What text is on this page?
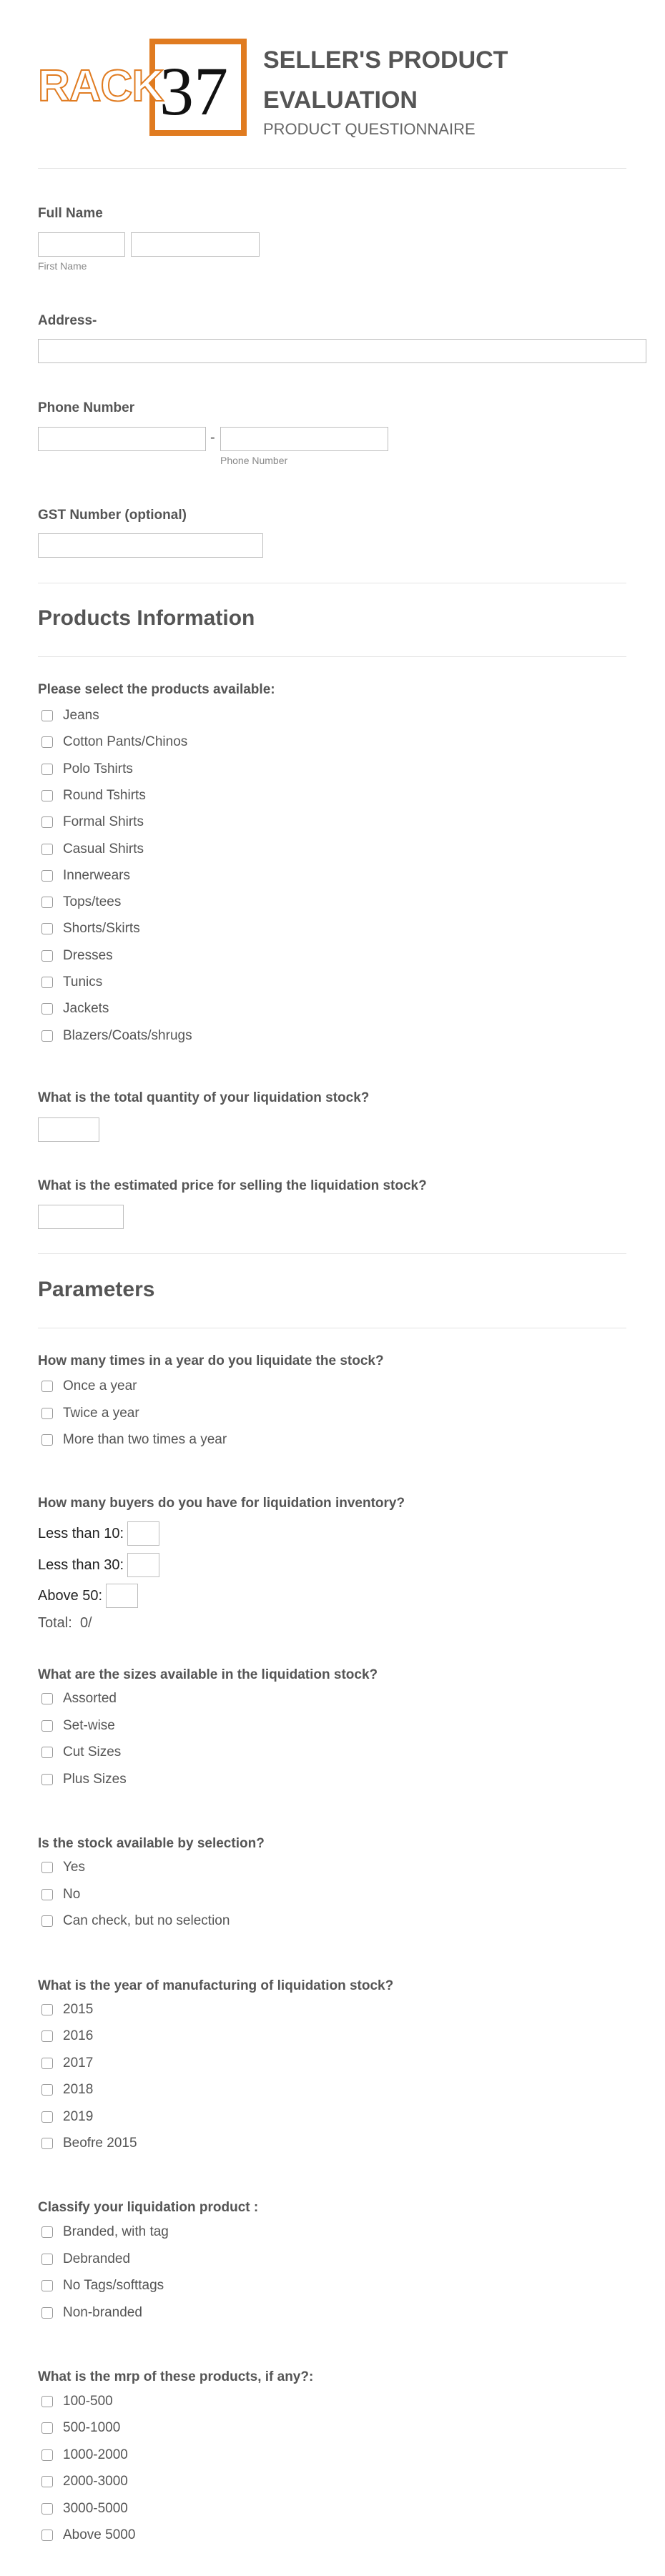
RACK
37 SELLER'S PRODUCT EVALUATION
PRODUCT QUESTIONNAIRE
Full Name
First Name
Address-
Phone Number
-
Phone Number
GST Number (optional)
Products Information
Please select the products available:
Jeans
Cotton Pants/Chinos
Polo Tshirts
Round Tshirts
Formal Shirts
Casual Shirts
Innerwears
Tops/tees
Shorts/Skirts
Dresses
Tunics
Jackets
Blazers/Coats/shrugs
What is the total quantity of your liquidation stock?
What is the estimated price for selling the liquidation stock?
Parameters
How many times in a year do you liquidate the stock?
Once a year
Twice a year
More than two times a year
How many buyers do you have for liquidation inventory?
Less than 10:
Less than 30:
Above 50:
Total: 0/
What are the sizes available in the liquidation stock?
Assorted
Set-wise
Cut Sizes
Plus Sizes
Is the stock available by selection?
Yes
No
Can check, but no selection
What is the year of manufacturing of liquidation stock?
2015
2016
2017
2018
2019
Beofre 2015
Classify your liquidation product :
Branded, with tag
Debranded
No Tags/softtags
Non-branded
What is the mrp of these products, if any?:
100-500
500-1000
1000-2000
2000-3000
3000-5000
Above 5000
